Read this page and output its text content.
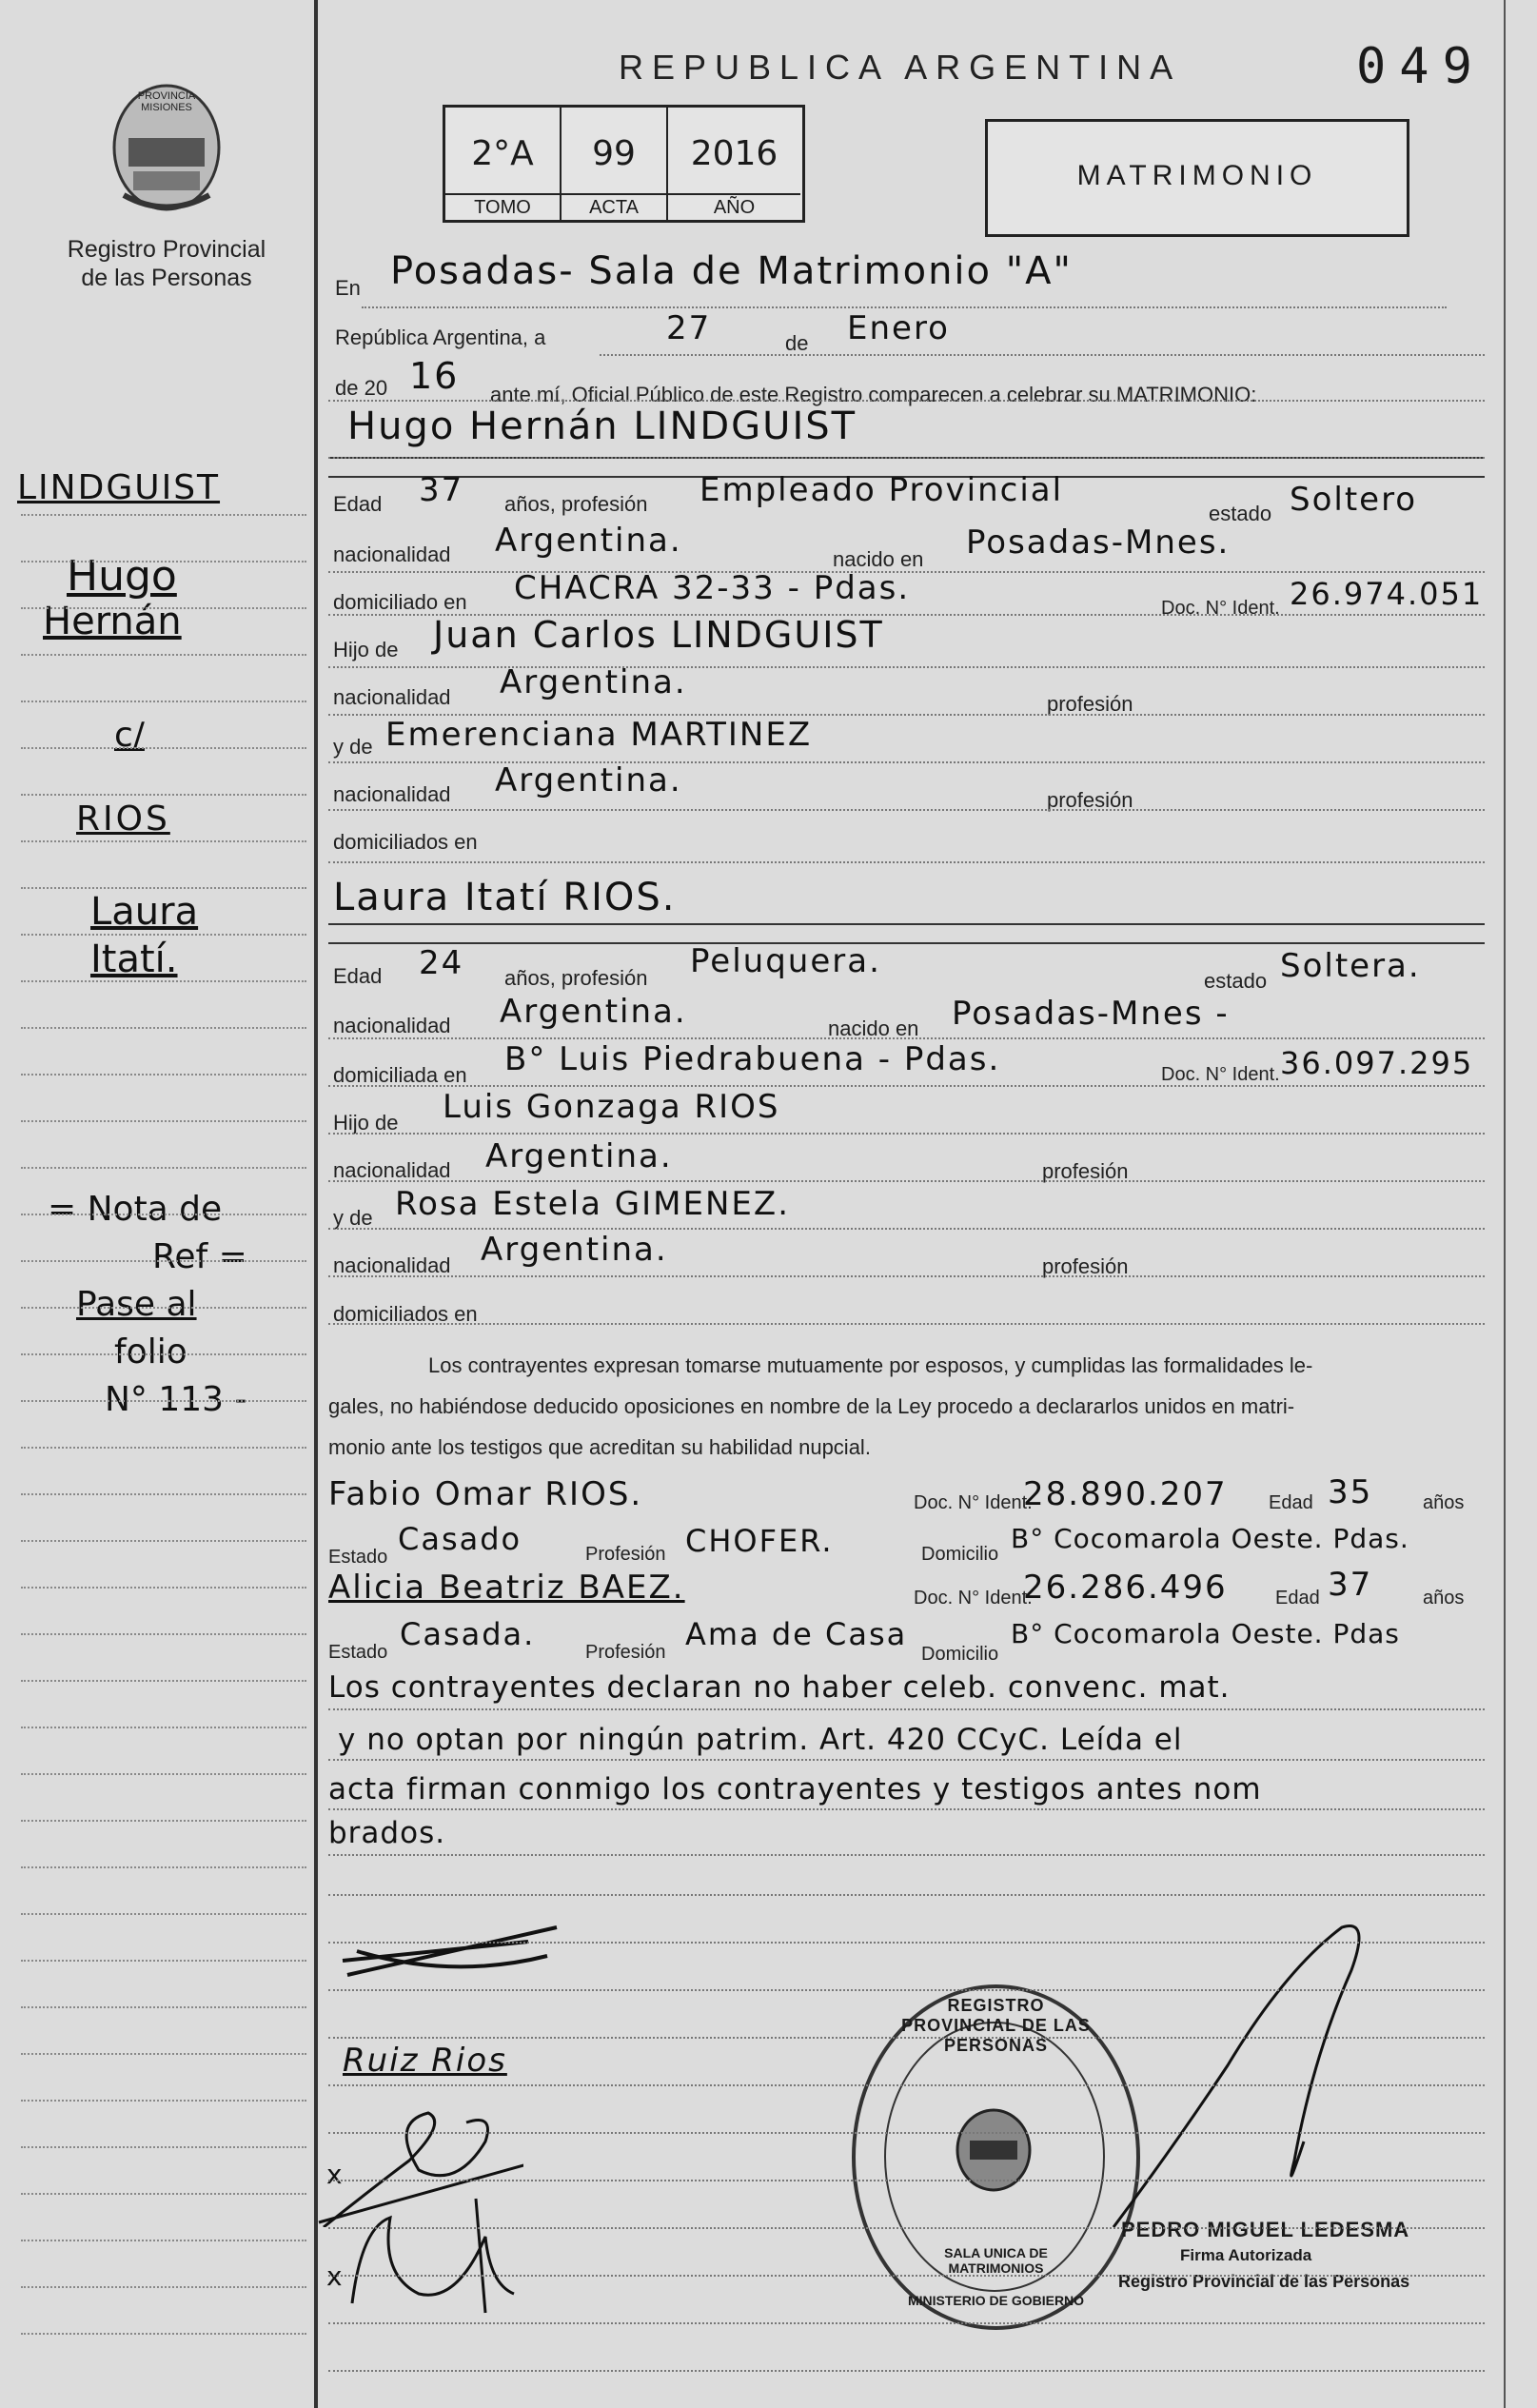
PROVINCIA MISIONES
Registro Provincial de las Personas
REPUBLICA ARGENTINA	049
2°A
TOMO
99
ACTA
2016
AÑO
MATRIMONIO
En Posadas- Sala de Matrimonio "A"
República Argentina, a	27	de Enero
de 20 16 ante mí, Oficial Público de este Registro comparecen a celebrar su MATRIMONIO:
Hugo Hernán LINDGUIST
Edad 37 años, profesión Empleado Provincial
estado Soltero
nacionalidad Argentina.	nacido en Posadas-Mnes.
domiciliado en CHACRA 32-33 - Pdas.
Doc. N° Ident. 26.974.051
Hijo de Juan Carlos LINDGUIST
nacionalidad Argentina.
profesión
y de Emerenciana MARTINEZ
nacionalidad Argentina.
profesión
domiciliados en
Laura Itatí RIOS.
Edad 24 años, profesión Peluquera.
estado Soltera.
nacionalidad Argentina.	nacido en Posadas-Mnes -
domiciliada en B° Luis Piedrabuena - Pdas.	Doc. N° Ident. 36.097.295
Hijo de Luis Gonzaga RIOS
nacionalidad Argentina.	profesión
y de Rosa Estela GIMENEZ.
nacionalidad Argentina.	profesión
domiciliados en
Los contrayentes expresan tomarse mutuamente por esposos, y cumplidas las formalidades le-
gales, no habiéndose deducido oposiciones en nombre de la Ley procedo a declararlos unidos en matri-
monio ante los testigos que acreditan su habilidad nupcial.
Fabio Omar RIOS.	Doc. N° Ident.
28.890.207 Edad 35	años
Estado Casado	Profesión CHOFER.	Domicilio B° Cocomarola Oeste. Pdas.
Alicia Beatriz BAEZ.	Doc. N° Ident.
26.286.496	Edad 37	años
Estado Casada.	Profesión Ama de Casa
Domicilio
B° Cocomarola Oeste. Pdas
Los contrayentes declaran no haber celeb. convenc. mat.
y no optan por ningún patrim. Art. 420 CCyC. Leída el
acta firman conmigo los contrayentes y testigos antes nom
brados.
Ruiz Rios
x
x
REGISTRO PROVINCIAL DE LAS PERSONAS
SALA UNICA DE MATRIMONIOS
MINISTERIO DE GOBIERNO
PEDRO MIGUEL LEDESMA
Firma Autorizada
Registro Provincial de las Personas
LINDGUIST
Hugo
Hernán
c/
RIOS
Laura
Itatí.
= Nota de
Ref =
Pase al
folio
N° 113 -
